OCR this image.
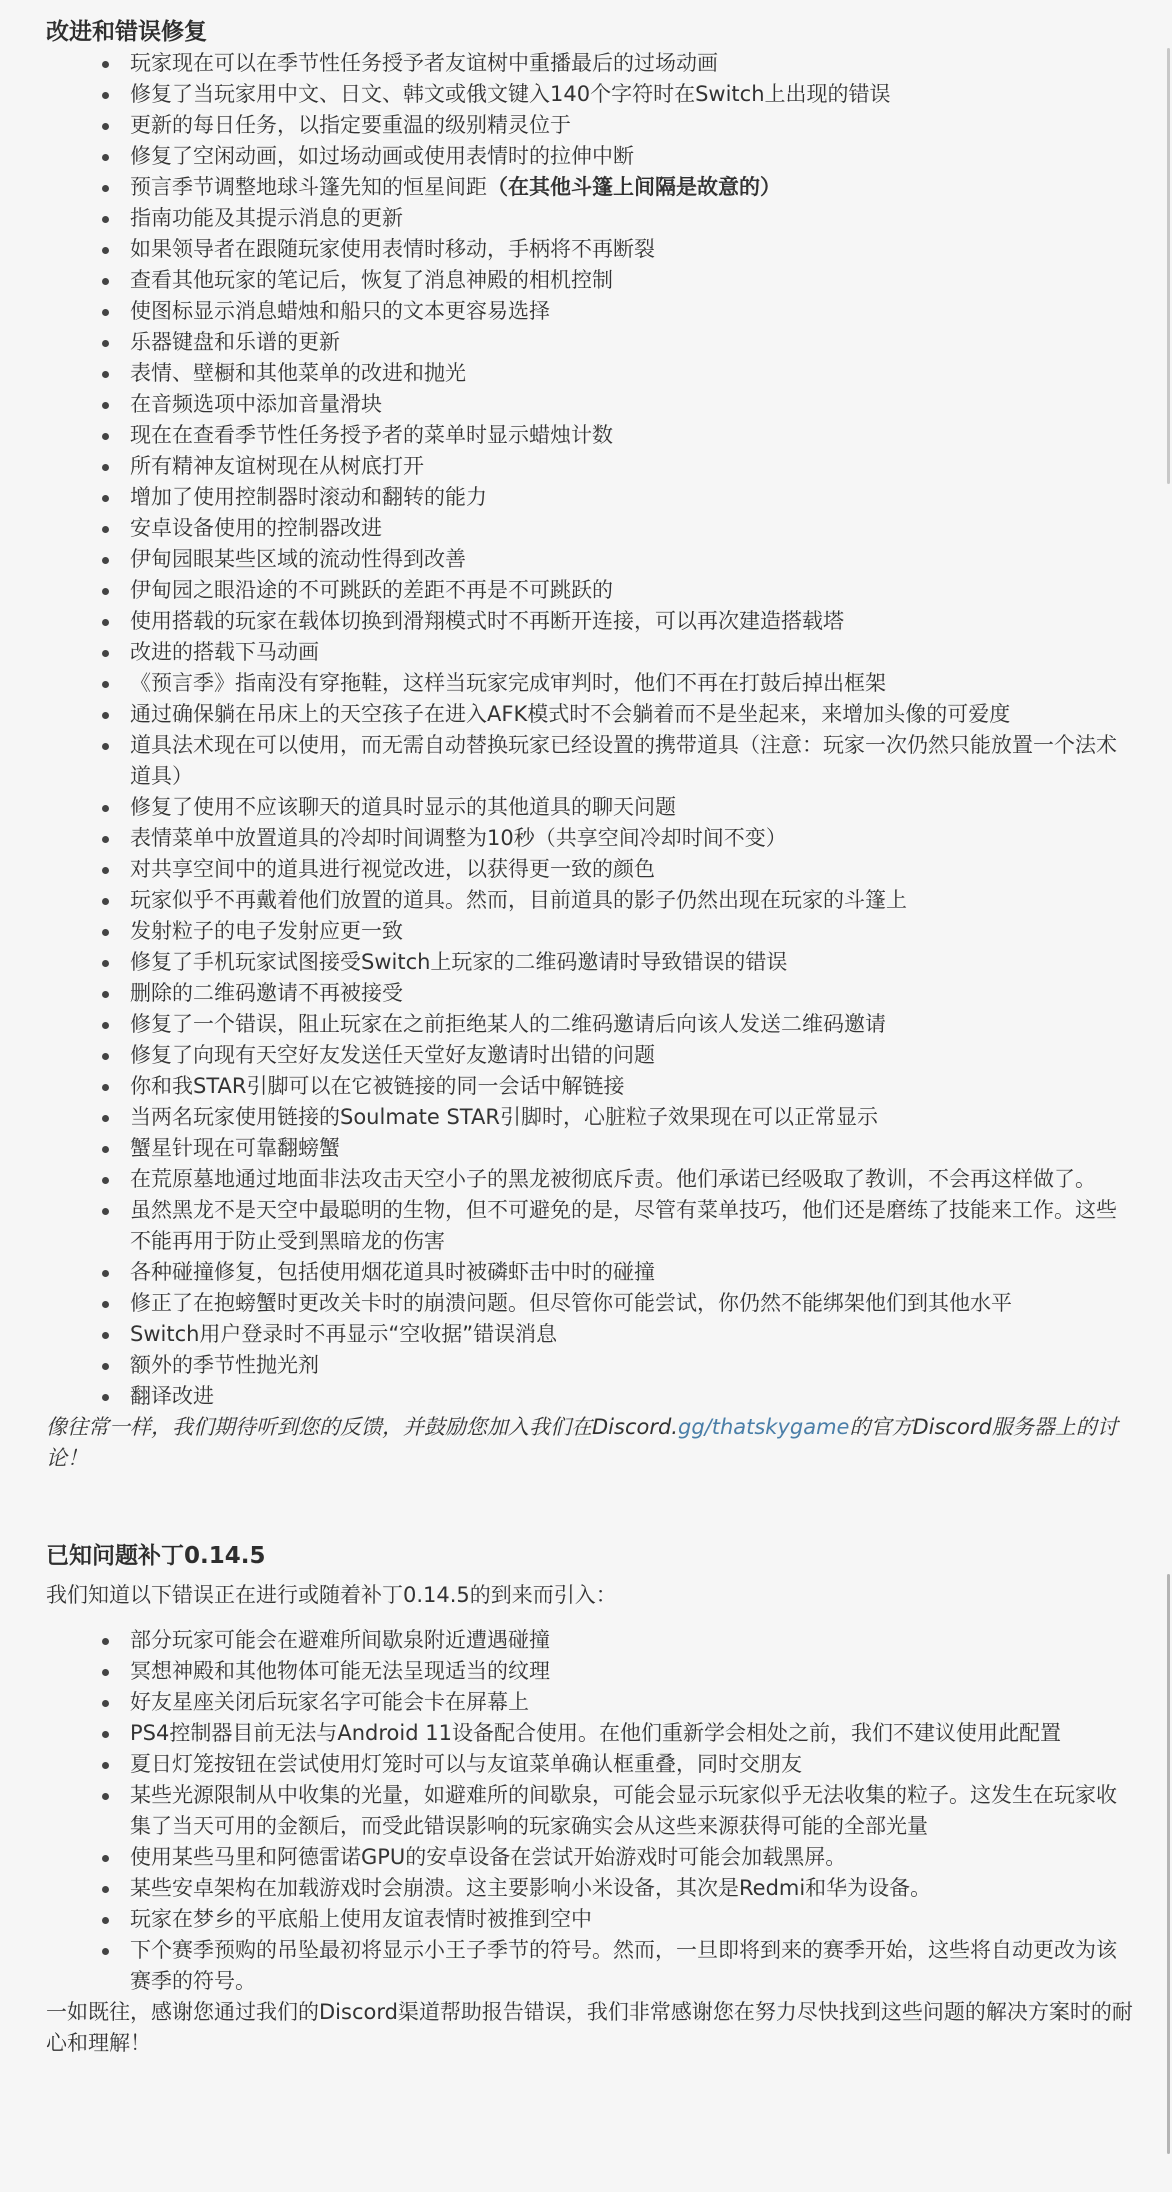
改进和错误修复
玩家现在可以在季节性任务授予者友谊树中重播最后的过场动画
修复了当玩家用中文、日文、韩文或俄文键入140个字符时在Switch上出现的错误
更新的每日任务，以指定要重温的级别精灵位于
修复了空闲动画，如过场动画或使用表情时的拉伸中断
预言季节调整地球斗篷先知的恒星间距（在其他斗篷上间隔是故意的）
指南功能及其提示消息的更新
如果领导者在跟随玩家使用表情时移动，手柄将不再断裂
查看其他玩家的笔记后，恢复了消息神殿的相机控制
使图标显示消息蜡烛和船只的文本更容易选择
乐器键盘和乐谱的更新
表情、壁橱和其他菜单的改进和抛光
在音频选项中添加音量滑块
现在在查看季节性任务授予者的菜单时显示蜡烛计数
所有精神友谊树现在从树底打开
增加了使用控制器时滚动和翻转的能力
安卓设备使用的控制器改进
伊甸园眼某些区域的流动性得到改善
伊甸园之眼沿途的不可跳跃的差距不再是不可跳跃的
使用搭载的玩家在载体切换到滑翔模式时不再断开连接，可以再次建造搭载塔
改进的搭载下马动画
《预言季》指南没有穿拖鞋，这样当玩家完成审判时，他们不再在打鼓后掉出框架
通过确保躺在吊床上的天空孩子在进入AFK模式时不会躺着而不是坐起来，来增加头像的可爱度
道具法术现在可以使用，而无需自动替换玩家已经设置的携带道具（注意：玩家一次仍然只能放置一个法术道具）
修复了使用不应该聊天的道具时显示的其他道具的聊天问题
表情菜单中放置道具的冷却时间调整为10秒（共享空间冷却时间不变）
对共享空间中的道具进行视觉改进，以获得更一致的颜色
玩家似乎不再戴着他们放置的道具。然而，目前道具的影子仍然出现在玩家的斗篷上
发射粒子的电子发射应更一致
修复了手机玩家试图接受Switch上玩家的二维码邀请时导致错误的错误
删除的二维码邀请不再被接受
修复了一个错误，阻止玩家在之前拒绝某人的二维码邀请后向该人发送二维码邀请
修复了向现有天空好友发送任天堂好友邀请时出错的问题
你和我STAR引脚可以在它被链接的同一会话中解链接
当两名玩家使用链接的Soulmate STAR引脚时，心脏粒子效果现在可以正常显示
蟹星针现在可靠翻螃蟹
在荒原墓地通过地面非法攻击天空小子的黑龙被彻底斥责。他们承诺已经吸取了教训，不会再这样做了。
虽然黑龙不是天空中最聪明的生物，但不可避免的是，尽管有菜单技巧，他们还是磨练了技能来工作。这些不能再用于防止受到黑暗龙的伤害
各种碰撞修复，包括使用烟花道具时被磷虾击中时的碰撞
修正了在抱螃蟹时更改关卡时的崩溃问题。但尽管你可能尝试，你仍然不能绑架他们到其他水平
Switch用户登录时不再显示“空收据”错误消息
额外的季节性抛光剂
翻译改进

像往常一样，我们期待听到您的反馈，并鼓励您加入我们在Discord.gg/thatskygame的官方Discord服务器上的讨论！

已知问题补丁0.14.5

我们知道以下错误正在进行或随着补丁0.14.5的到来而引入：

部分玩家可能会在避难所间歇泉附近遭遇碰撞
冥想神殿和其他物体可能无法呈现适当的纹理
好友星座关闭后玩家名字可能会卡在屏幕上
PS4控制器目前无法与Android 11设备配合使用。在他们重新学会相处之前，我们不建议使用此配置
夏日灯笼按钮在尝试使用灯笼时可以与友谊菜单确认框重叠，同时交朋友
某些光源限制从中收集的光量，如避难所的间歇泉，可能会显示玩家似乎无法收集的粒子。这发生在玩家收集了当天可用的金额后，而受此错误影响的玩家确实会从这些来源获得可能的全部光量
使用某些马里和阿德雷诺GPU的安卓设备在尝试开始游戏时可能会加载黑屏。
某些安卓架构在加载游戏时会崩溃。这主要影响小米设备，其次是Redmi和华为设备。
玩家在梦乡的平底船上使用友谊表情时被推到空中
下个赛季预购的吊坠最初将显示小王子季节的符号。然而，一旦即将到来的赛季开始，这些将自动更改为该赛季的符号。

一如既往，感谢您通过我们的Discord渠道帮助报告错误，我们非常感谢您在努力尽快找到这些问题的解决方案时的耐心和理解！
